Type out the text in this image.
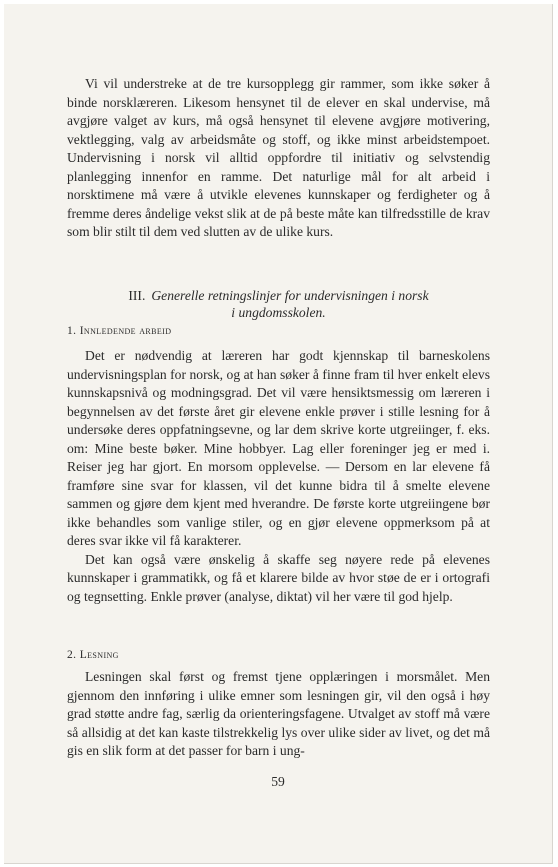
Vi vil understreke at de tre kursopplegg gir rammer, som ikke søker å binde norsklæreren. Likesom hensynet til de elever en skal undervise, må avgjøre valget av kurs, må også hensynet til elevene avgjøre motivering, vektlegging, valg av arbeidsmåte og stoff, og ikke minst arbeidstempoet. Undervisning i norsk vil alltid oppfordre til initiativ og selvstendig planlegging innenfor en ramme. Det naturlige mål for alt arbeid i norsktimene må være å utvikle elevenes kunnskaper og ferdigheter og å fremme deres åndelige vekst slik at de på beste måte kan tilfredsstille de krav som blir stilt til dem ved slutten av de ulike kurs.

III. Generelle retningslinjer for undervisningen i norsk
i ungdomsskolen.
1. Innledende arbeid

Det er nødvendig at læreren har godt kjennskap til barneskolens undervisningsplan for norsk, og at han søker å finne fram til hver enkelt elevs kunnskapsnivå og modningsgrad. Det vil være hensiktsmessig om læreren i begynnelsen av det første året gir elevene enkle prøver i stille lesning for å undersøke deres oppfatningsevne, og lar dem skrive korte utgreiinger, f. eks. om: Mine beste bøker. Mine hobbyer. Lag eller foreninger jeg er med i. Reiser jeg har gjort. En morsom opplevelse. — Dersom en lar elevene få framføre sine svar for klassen, vil det kunne bidra til å smelte elevene sammen og gjøre dem kjent med hverandre. De første korte utgreiingene bør ikke behandles som vanlige stiler, og en gjør elevene oppmerksom på at deres svar ikke vil få karakterer.

Det kan også være ønskelig å skaffe seg nøyere rede på elevenes kunnskaper i grammatikk, og få et klarere bilde av hvor støe de er i ortografi og tegnsetting. Enkle prøver (analyse, diktat) vil her være til god hjelp.

2. Lesning

Lesningen skal først og fremst tjene opplæringen i morsmålet. Men gjennom den innføring i ulike emner som lesningen gir, vil den også i høy grad støtte andre fag, særlig da orienteringsfagene. Utvalget av stoff må være så allsidig at det kan kaste tilstrekkelig lys over ulike sider av livet, og det må gis en slik form at det passer for barn i ung-

59
